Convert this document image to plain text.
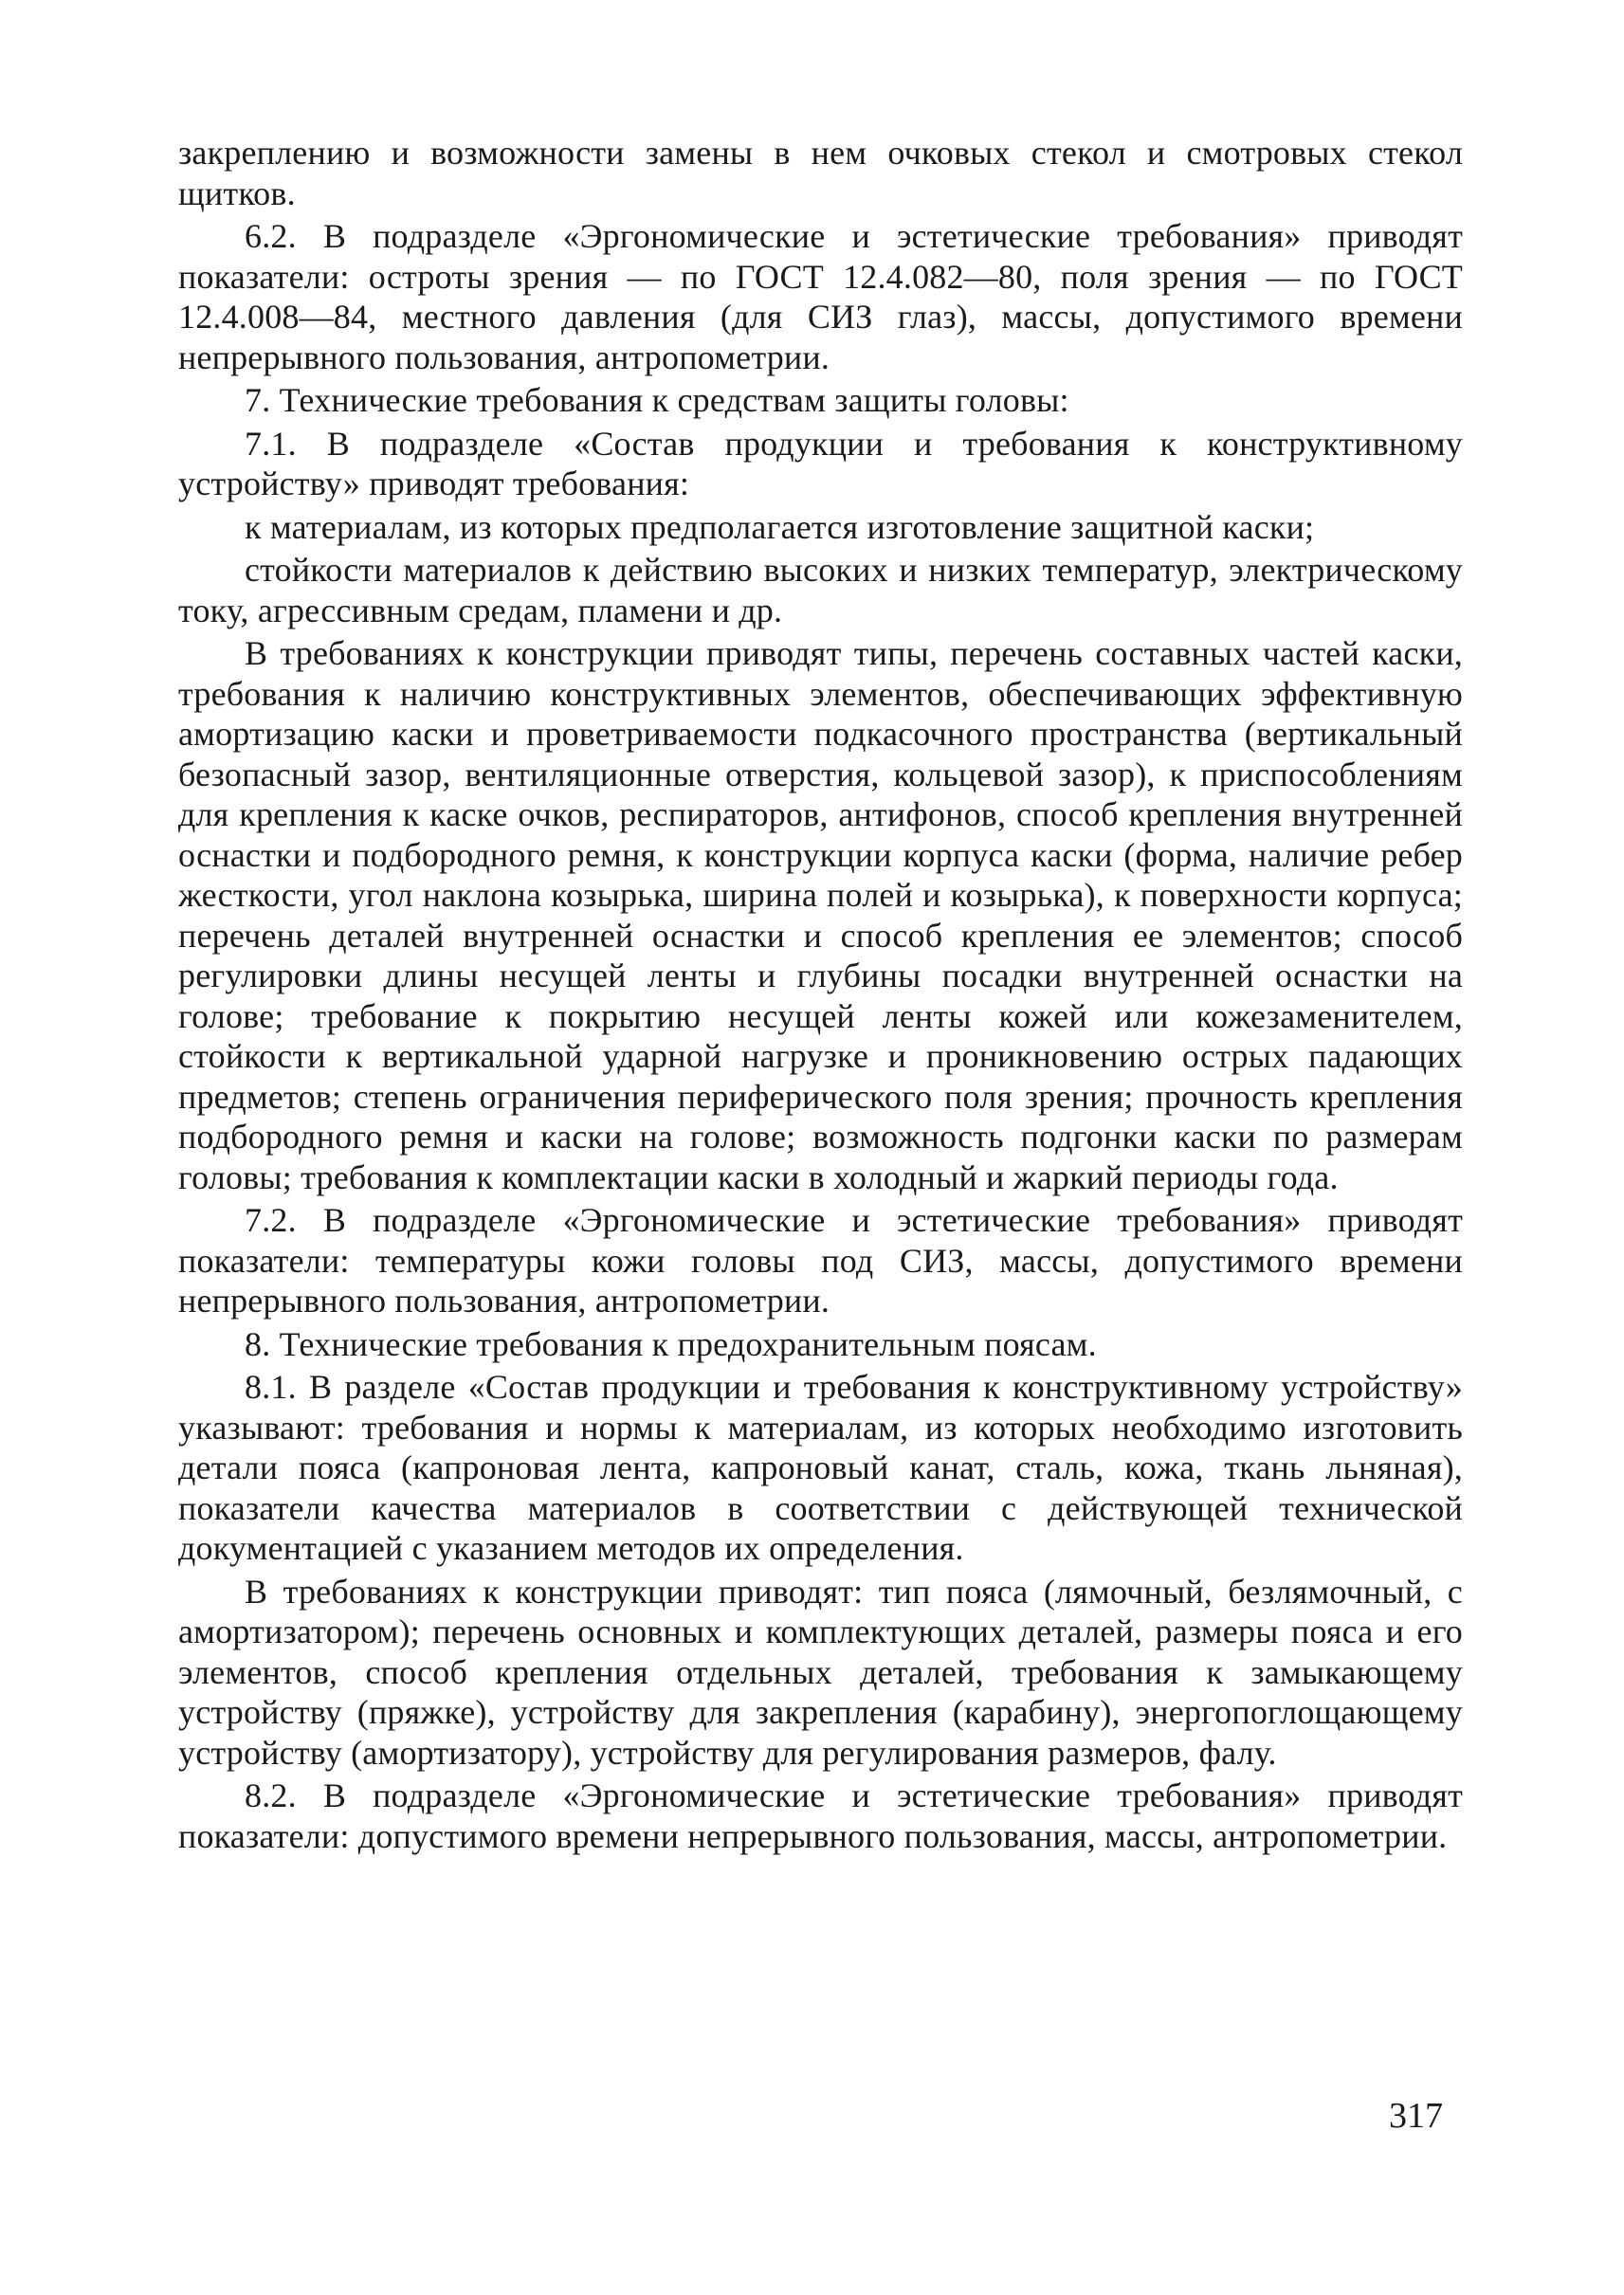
закреплению и возможности замены в нем очковых стекол и смотровых стекол щитков.

6.2. В подразделе «Эргономические и эстетические требования» приводят показатели: остроты зрения — по ГОСТ 12.4.082—80, поля зрения — по ГОСТ 12.4.008—84, местного давления (для СИЗ глаз), массы, допустимого времени непрерывного пользования, антропометрии.

7. Технические требования к средствам защиты головы:

7.1. В подразделе «Состав продукции и требования к конструктивному устройству» приводят требования:

к материалам, из которых предполагается изготовление защитной каски;

стойкости материалов к действию высоких и низких температур, электрическому току, агрессивным средам, пламени и др.

В требованиях к конструкции приводят типы, перечень составных частей каски, требования к наличию конструктивных элементов, обеспечивающих эффективную амортизацию каски и проветриваемости подкасочного пространства (вертикальный безопасный зазор, вентиляционные отверстия, кольцевой зазор), к приспособлениям для крепления к каске очков, респираторов, антифонов, способ крепления внутренней оснастки и подбородного ремня, к конструкции корпуса каски (форма, наличие ребер жесткости, угол наклона козырька, ширина полей и козырька), к поверхности корпуса; перечень деталей внутренней оснастки и способ крепления ее элементов; способ регулировки длины несущей ленты и глубины посадки внутренней оснастки на голове; требование к покрытию несущей ленты кожей или кожезаменителем, стойкости к вертикальной ударной нагрузке и проникновению острых падающих предметов; степень ограничения периферического поля зрения; прочность крепления подбородного ремня и каски на голове; возможность подгонки каски по размерам головы; требования к комплектации каски в холодный и жаркий периоды года.

7.2. В подразделе «Эргономические и эстетические требования» приводят показатели: температуры кожи головы под СИЗ, массы, допустимого времени непрерывного пользования, антропометрии.

8. Технические требования к предохранительным поясам.

8.1. В разделе «Состав продукции и требования к конструктивному устройству» указывают: требования и нормы к материалам, из которых необходимо изготовить детали пояса (капроновая лента, капроновый канат, сталь, кожа, ткань льняная), показатели качества материалов в соответствии с действующей технической документацией с указанием методов их определения.

В требованиях к конструкции приводят: тип пояса (лямочный, безлямочный, с амортизатором); перечень основных и комплектующих деталей, размеры пояса и его элементов, способ крепления отдельных деталей, требования к замыкающему устройству (пряжке), устройству для закрепления (карабину), энергопоглощающему устройству (амортизатору), устройству для регулирования размеров, фалу.

8.2. В подразделе «Эргономические и эстетические требования» приводят показатели: допустимого времени непрерывного пользования, массы, антропометрии.

317
